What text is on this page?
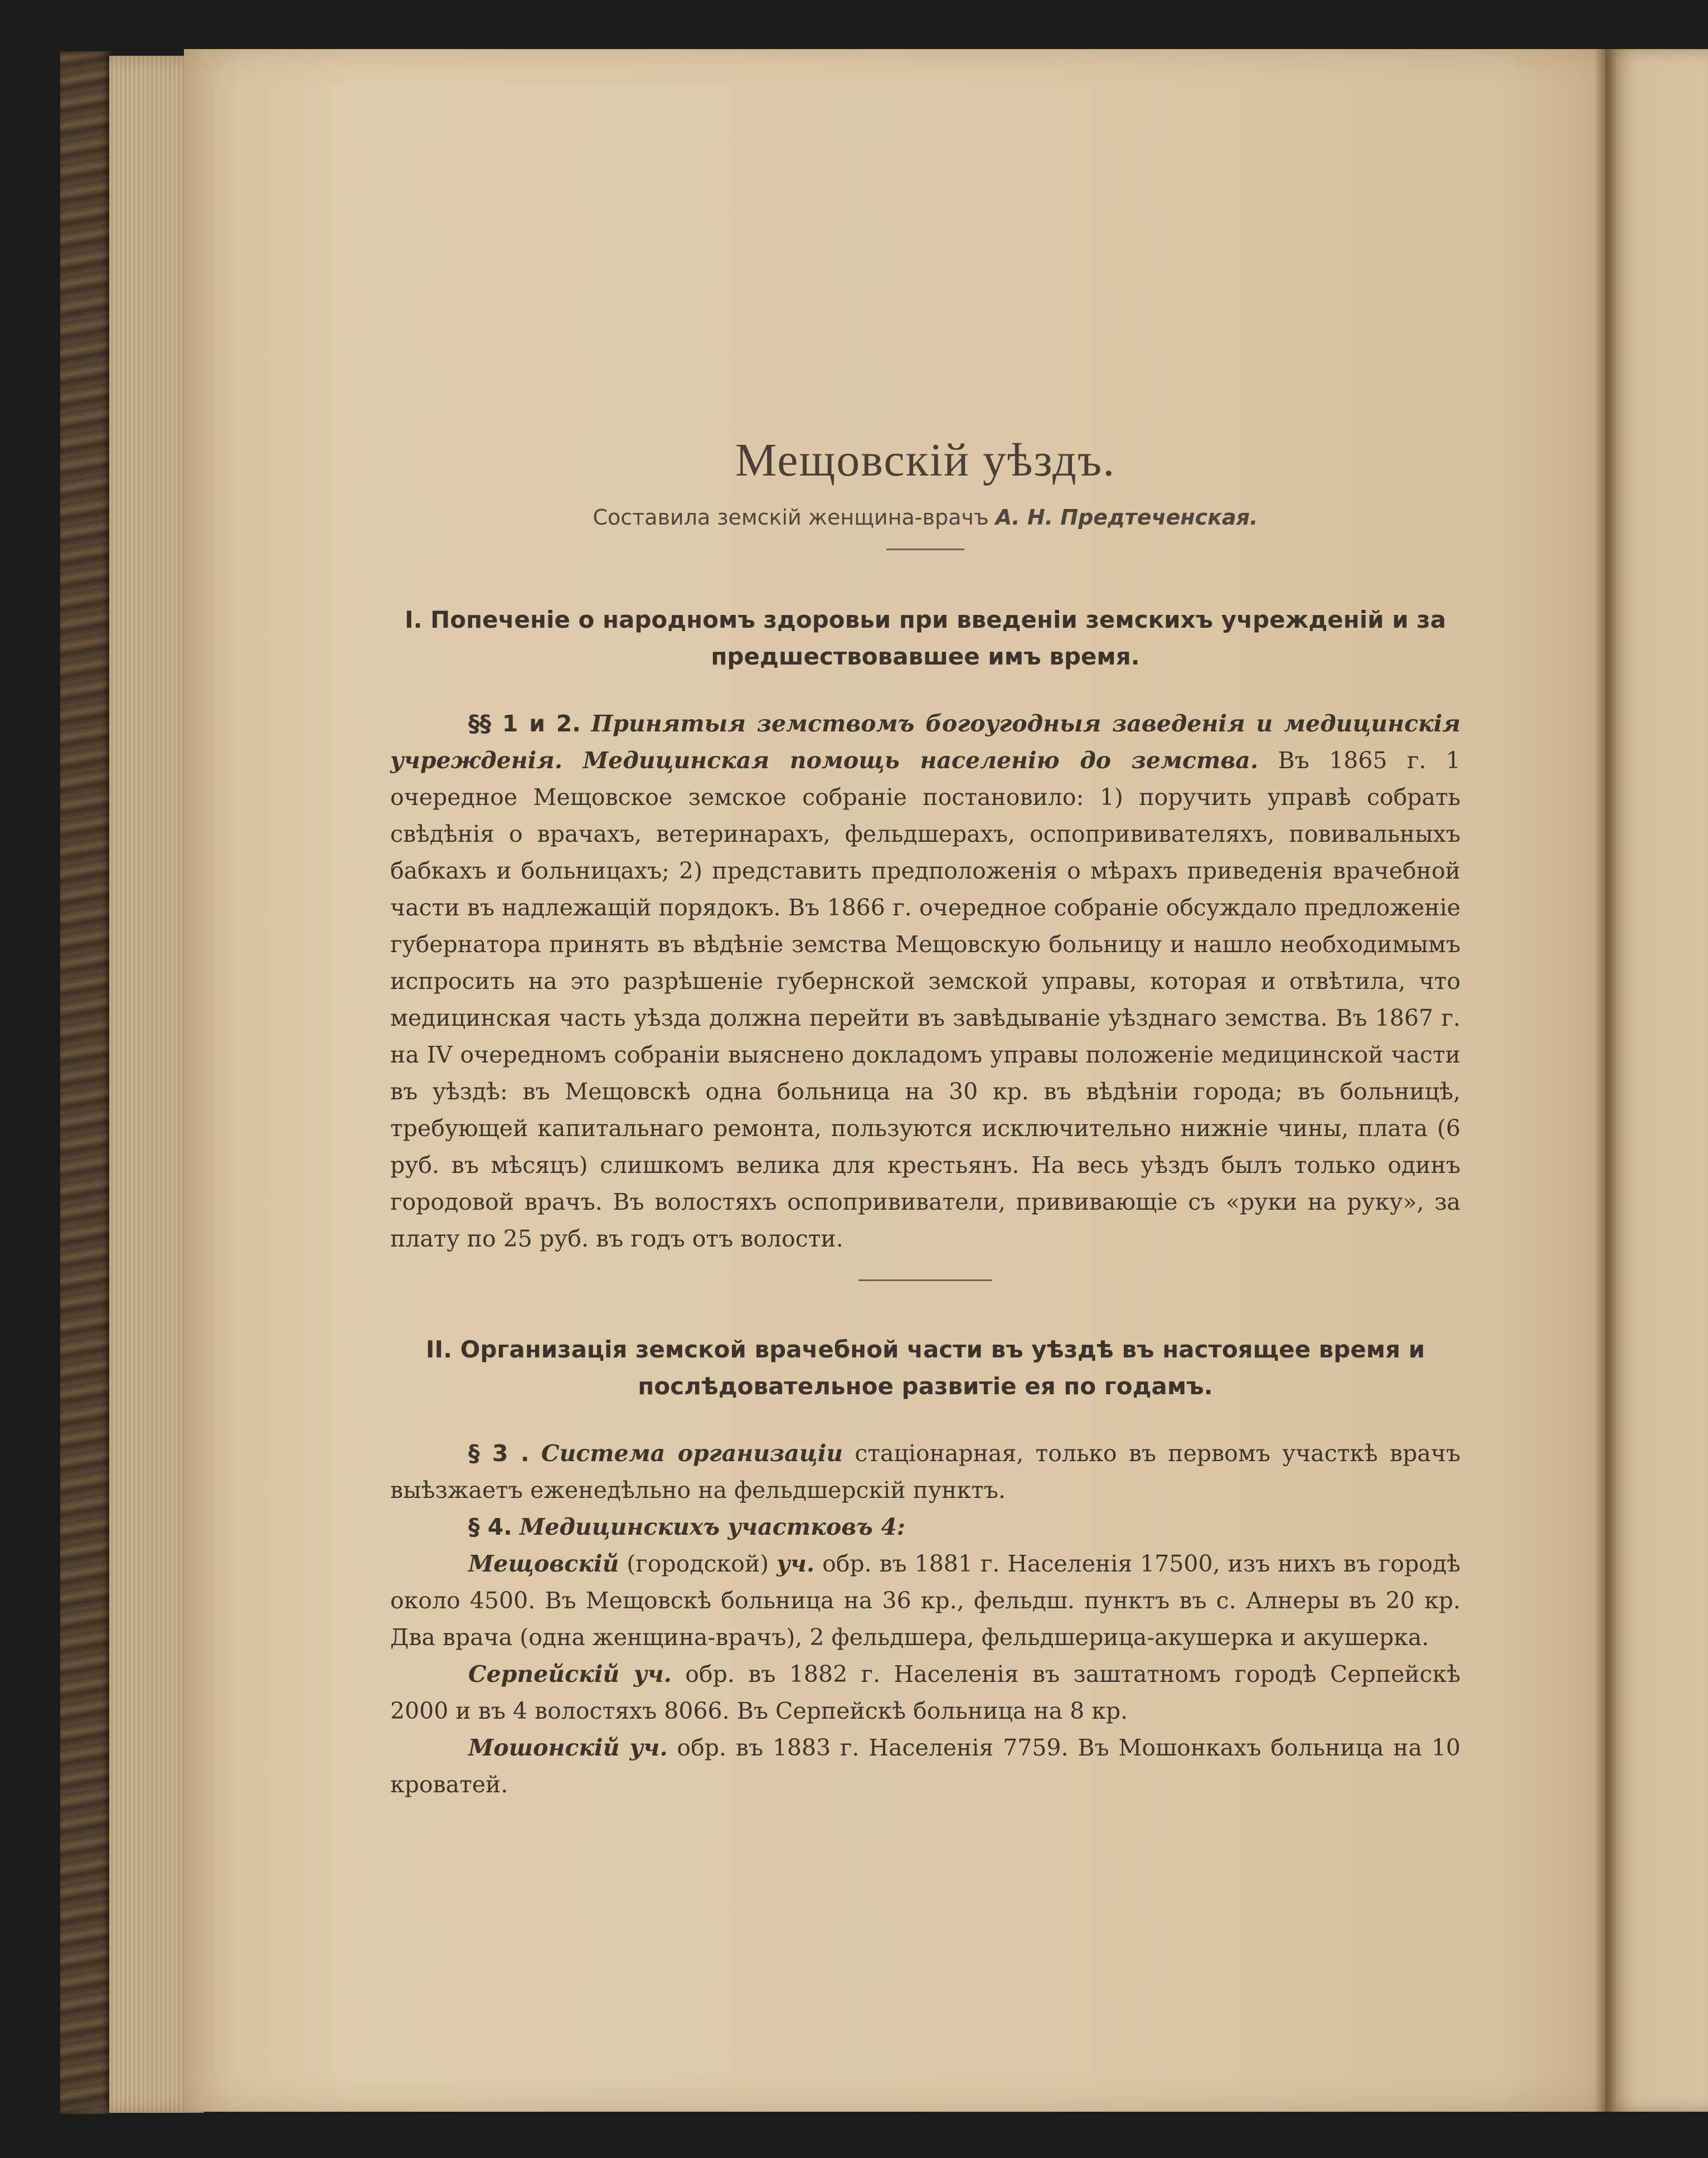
Мещовскій уѣздъ.
Составила земскій женщина-врачъ А. Н. Предтеченская.
I. Попеченіе о народномъ здоровьи при введеніи земскихъ учрежденій и за
предшествовавшее имъ время.

§§ 1 и 2. Принятыя земствомъ богоугодныя заведенія и медицинскія учрежденія. Медицинская помощь населенію до земства. Въ 1865 г. 1 очередное Мещовское земское собраніе постановило: 1) поручить управѣ собрать свѣдѣнія о врачахъ, ветеринарахъ, фельдшерахъ, оспопрививателяхъ, повивальныхъ бабкахъ и больницахъ; 2) представить предположенія о мѣрахъ приведенія врачебной части въ надлежащій порядокъ. Въ 1866 г. очередное собраніе обсуждало предложеніе губернатора принять въ вѣдѣніе земства Мещовскую больницу и нашло необходимымъ испросить на это разрѣшеніе губернской земской управы, которая и отвѣтила, что медицинская часть уѣзда должна перейти въ завѣдываніе уѣзднаго земства. Въ 1867 г. на IV очередномъ собраніи выяснено докладомъ управы положеніе медицинской части въ уѣздѣ: въ Мещовскѣ одна больница на 30 кр. въ вѣдѣніи города; въ больницѣ, требующей капитальнаго ремонта, пользуются исключительно нижніе чины, плата (6 руб. въ мѣсяцъ) слишкомъ велика для крестьянъ. На весь уѣздъ былъ только одинъ городовой врачъ. Въ волостяхъ оспопрививатели, прививающіе съ «руки на руку», за плату по 25 руб. въ годъ отъ волости.

II. Организація земской врачебной части въ уѣздѣ въ настоящее время и
послѣдовательное развитіе ея по годамъ.

§ 3 . Система организаціи стаціонарная, только въ первомъ участкѣ врачъ выѣзжаетъ еженедѣльно на фельдшерскій пунктъ.

§ 4. Медицинскихъ участковъ 4:

Мещовскій (городской) уч. обр. въ 1881 г. Населенія 17500, изъ нихъ въ городѣ около 4500. Въ Мещовскѣ больница на 36 кр., фельдш. пунктъ въ с. Алнеры въ 20 кр. Два врача (одна женщина-врачъ), 2 фельдшера, фельдшерица-акушерка и акушерка.

Серпейскій уч. обр. въ 1882 г. Населенія въ заштатномъ городѣ Серпейскѣ 2000 и въ 4 волостяхъ 8066. Въ Серпейскѣ больница на 8 кр.

Мошонскій уч. обр. въ 1883 г. Населенія 7759. Въ Мошонкахъ больница на 10 кроватей.
